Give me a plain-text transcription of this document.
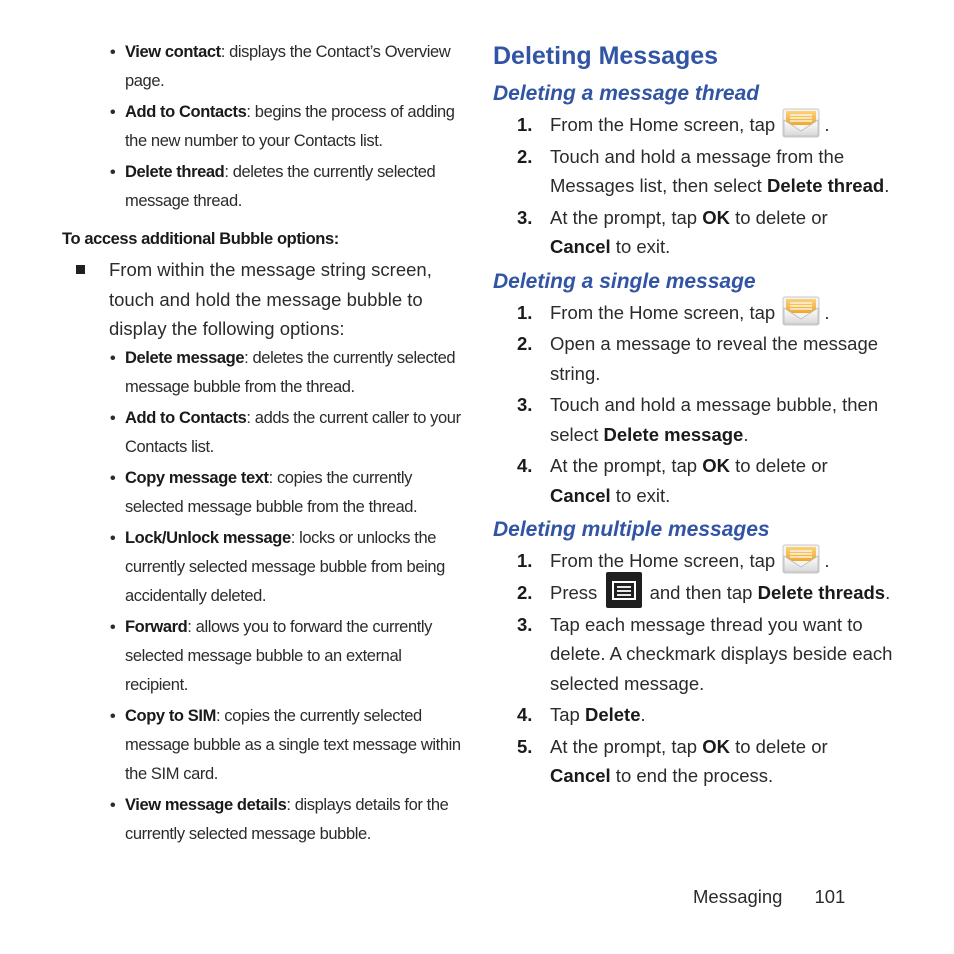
• View contact: displays the Contact’s Overview page.
• Add to Contacts: begins the process of adding the new number to your Contacts list.
• Delete thread: deletes the currently selected message thread.
To access additional Bubble options:
From within the message string screen, touch and hold the message bubble to display the following options:
• Delete message: deletes the currently selected message bubble from the thread.
• Add to Contacts: adds the current caller to your Contacts list.
• Copy message text: copies the currently selected message bubble from the thread.
• Lock/Unlock message: locks or unlocks the currently selected message bubble from being accidentally deleted.
• Forward: allows you to forward the currently selected message bubble to an external recipient.
• Copy to SIM: copies the currently selected message bubble as a single text message within the SIM card.
• View message details: displays details for the currently selected message bubble.
Deleting Messages
Deleting a message thread
1. From the Home screen, tap .
2. Touch and hold a message from the Messages list, then select Delete thread.
3. At the prompt, tap OK to delete or Cancel to exit.
Deleting a single message
1. From the Home screen, tap .
2. Open a message to reveal the message string.
3. Touch and hold a message bubble, then select Delete message.
4. At the prompt, tap OK to delete or Cancel to exit.
Deleting multiple messages
1. From the Home screen, tap .
2. Press  and then tap Delete threads.
3. Tap each message thread you want to delete. A checkmark displays beside each selected message.
4. Tap Delete.
5. At the prompt, tap OK to delete or Cancel to end the process.
Messaging 101
